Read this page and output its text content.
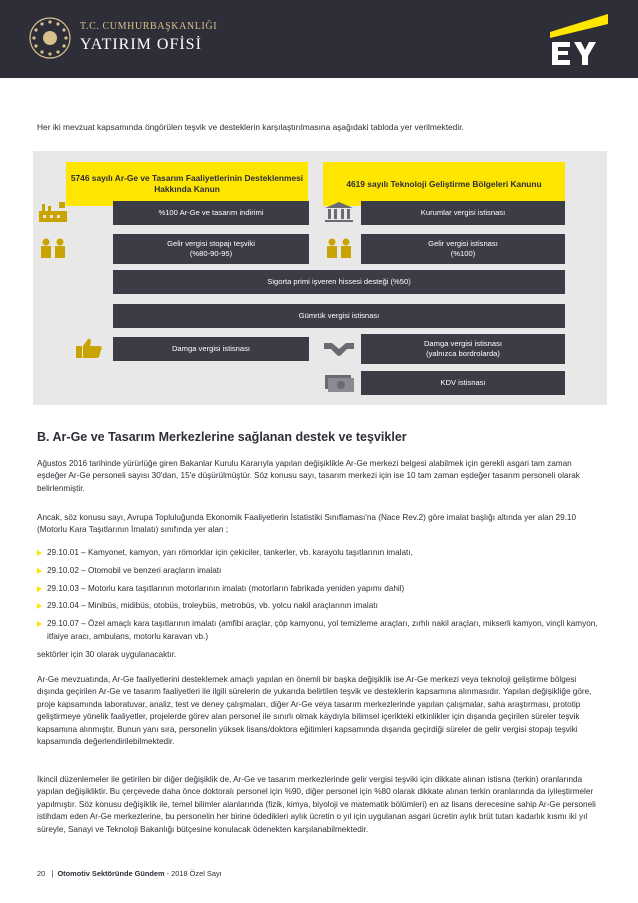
T.C. CUMHURBAŞKANLIĞI
YATIRIM OFİSİ
Her iki mevzuat kapsamında öngörülen teşvik ve desteklerin karşılaştırılmasına aşağıdaki tabloda yer verilmektedir.
5746 sayılı Ar-Ge ve Tasarım Faaliyetlerinin Desteklenmesi Hakkında Kanun
4619 sayılı Teknoloji Geliştirme Bölgeleri Kanunu
%100 Ar-Ge ve tasarım indirimi	Kurumlar vergisi istisnası
Gelir vergisi stopajı teşviki
(%80-90-95)
Gelir vergisi istisnası
(%100)
Sigorta primi işveren hissesi desteği (%50)
Gümrük vergisi istisnası
Damga vergisi istisnası
Damga vergisi istisnası
(yalnızca bordrolarda)
KDV istisnası
B. Ar-Ge ve Tasarım Merkezlerine sağlanan destek ve teşvikler
Ağustos 2016 tarihinde yürürlüğe giren Bakanlar Kurulu Kararıyla yapılan değişiklikle Ar-Ge merkezi belgesi alabilmek için gerekli asgari tam zaman eşdeğer Ar-Ge personeli sayısı 30'dan, 15'e düşürülmüştür. Söz konusu sayı, tasarım merkezi için ise 10 tam zaman eşdeğer tasarım personeli olarak belirlenmiştir.
Ancak, söz konusu sayı, Avrupa Topluluğunda Ekonomik Faaliyetlerin İstatistiki Sınıflaması'na (Nace Rev.2) göre imalat başlığı altında yer alan 29.10 (Motorlu Kara Taşıtlarının İmalatı) sınıfında yer alan ;
29.10.01 – Kamyonet, kamyon, yarı römorklar için çekiciler, tankerler, vb. karayolu taşıtlarının imalatı,
29.10.02 – Otomobil ve benzeri araçların imalatı
29.10.03 – Motorlu kara taşıtlarının motorlarının imalatı (motorların fabrikada yeniden yapımı dahil)
29.10.04 – Minibüs, midibüs, otobüs, troleybüs, metrobüs, vb. yolcu nakil araçlarının imalatı
29.10.07 – Özel amaçlı kara taşıtlarının imalatı (amfibi araçlar, çöp kamyonu, yol temizleme araçları, zırhlı nakil araçları, mikserli kamyon, vinçli kamyon, itfaiye aracı, ambulans, motorlu karavan vb.)
sektörler için 30 olarak uygulanacaktır.
Ar-Ge mevzuatında, Ar-Ge faaliyetlerini desteklemek amaçlı yapılan en önemli bir başka değişiklik ise Ar-Ge merkezi veya teknoloji geliştirme bölgesi dışında geçirilen Ar-Ge ve tasarım faaliyetleri ile ilgili sürelerin de yukarıda belirtilen teşvik ve desteklerin kapsamına alınmasıdır. Yapılan değişikliğe göre, proje kapsamında laboratuvar, analiz, test ve deney çalışmaları, diğer Ar-Ge veya tasarım merkezlerinde yapılan çalışmalar, saha araştırması, prototip geliştirmeye yönelik faaliyetler, projelerde görev alan personel ile sınırlı olmak kaydıyla bilimsel içerikteki etkinlikler için dışarıda geçirilen süreler teşvik kapsamına alınmıştır. Bunun yanı sıra, personelin yüksek lisans/doktora eğitimleri kapsamında dışarıda geçirdiği süreler de gelir vergisi stopajı teşviki kapsamında değerlendirilebilmektedir.
İkincil düzenlemeler ile getirilen bir diğer değişiklik de, Ar-Ge ve tasarım merkezlerinde gelir vergisi teşviki için dikkate alınan istisna (terkin) oranlarında yapılan değişikliktir. Bu çerçevede daha önce doktoralı personel için %90, diğer personel için %80 olarak dikkate alınan terkin oranlarında da iyileştirmeler yapılmıştır. Söz konusu değişiklik ile, temel bilimler alanlarında (fizik, kimya, biyoloji ve matematik bölümleri) en az lisans derecesine sahip Ar-Ge personeli istihdam eden Ar-Ge merkezlerine, bu personelin her birine ödedikleri aylık ücretin o yıl için uygulanan asgari ücretin aylık brüt tutarı kadarlık kısmı iki yıl süreyle, Sanayi ve Teknoloji Bakanlığı bütçesine konulacak ödenekten karşılanabilmektedir.
20 | Otomotiv Sektöründe Gündem - 2018 Özel Sayı
